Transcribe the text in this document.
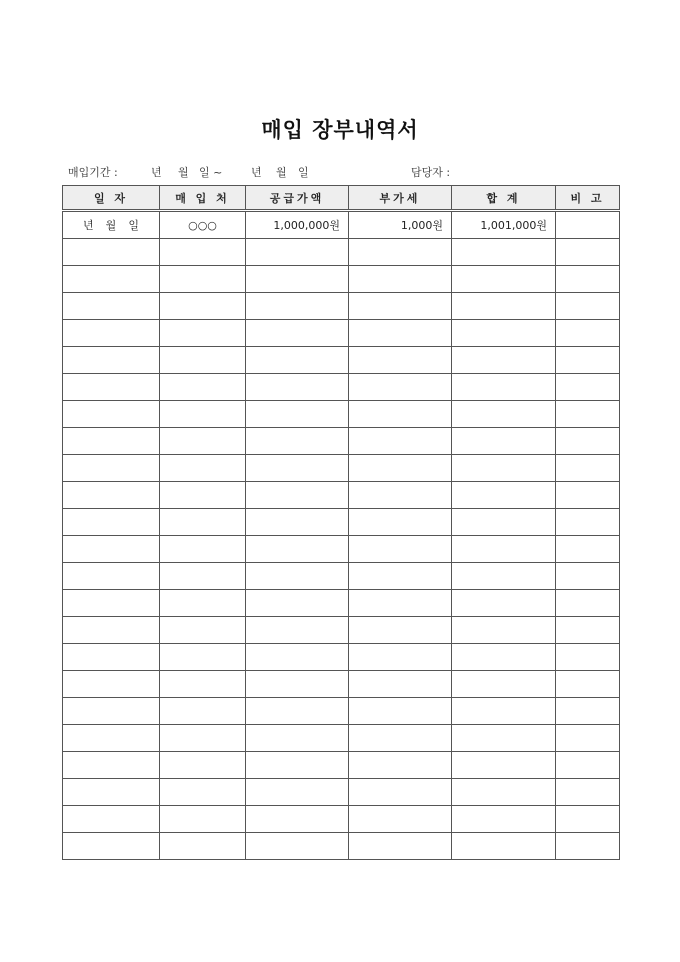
매입 장부내역서
매입기간 :	년 월 일 ~	년 월 일	담당자 :
일 자	매 입 처	공급가액	부가세	합 계	비 고
년 월 일	○○○	1,000,000원	1,000원	1,001,000원	
